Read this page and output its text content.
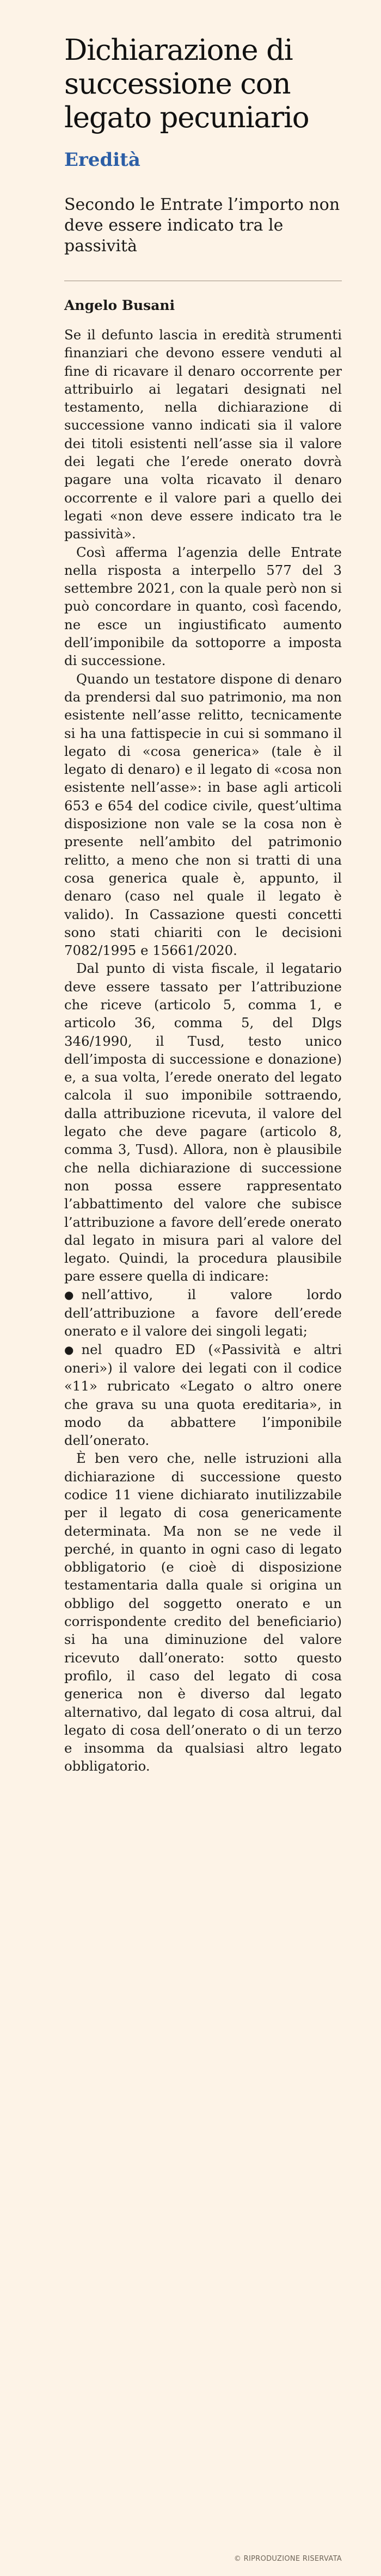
Dichiarazione di successione con legato pecuniario
Eredità
Secondo le Entrate l’importo non deve essere indicato tra le passività
Angelo Busani

Se il defunto lascia in eredità strumenti finanziari che devono essere venduti al fine di ricavare il denaro occorrente per attribuirlo ai legatari designati nel testamento, nella dichiarazione di successione vanno indicati sia il valore dei titoli esistenti nell’asse sia il valore dei legati che l’erede onerato dovrà pagare una volta ricavato il denaro occorrente e il valore pari a quello dei legati «non deve essere indicato tra le passività».

Così afferma l’agenzia delle Entrate nella risposta a interpello 577 del 3 settembre 2021, con la quale però non si può concordare in quanto, così facendo, ne esce un ingiustificato aumento dell’imponibile da sottoporre a imposta di successione.

Quando un testatore dispone di denaro da prendersi dal suo patrimonio, ma non esistente nell’asse relitto, tecnicamente si ha una fattispecie in cui si sommano il legato di «cosa generica» (tale è il legato di denaro) e il legato di «cosa non esistente nell’asse»: in base agli articoli 653 e 654 del codice civile, quest’ultima disposizione non vale se la cosa non è presente nell’ambito del patrimonio relitto, a meno che non si tratti di una cosa generica quale è, appunto, il denaro (caso nel quale il legato è valido). In Cassazione questi concetti sono stati chiariti con le decisioni 7082/1995 e 15661/2020.

Dal punto di vista fiscale, il legatario deve essere tassato per l’attribuzione che riceve (articolo 5, comma 1, e articolo 36, comma 5, del Dlgs 346/1990, il Tusd, testo unico dell’imposta di successione e donazione) e, a sua volta, l’erede onerato del legato calcola il suo imponibile sottraendo, dalla attribuzione ricevuta, il valore del legato che deve pagare (articolo 8, comma 3, Tusd). Allora, non è plausibile che nella dichiarazione di successione non possa essere rappresentato l’abbattimento del valore che subisce l’attribuzione a favore dell’erede onerato dal legato in misura pari al valore del legato. Quindi, la procedura plausibile pare essere quella di indicare:

● nell’attivo, il valore lordo dell’attribuzione a favore dell’erede onerato e il valore dei singoli legati;

● nel quadro ED («Passività e altri oneri») il valore dei legati con il codice «11» rubricato «Legato o altro onere che grava su una quota ereditaria», in modo da abbattere l’imponibile dell’onerato.

È ben vero che, nelle istruzioni alla dichiarazione di successione questo codice 11 viene dichiarato inutilizzabile per il legato di cosa genericamente determinata. Ma non se ne vede il perché, in quanto in ogni caso di legato obbligatorio (e cioè di disposizione testamentaria dalla quale si origina un obbligo del soggetto onerato e un corrispondente credito del beneficiario) si ha una diminuzione del valore ricevuto dall’onerato: sotto questo profilo, il caso del legato di cosa generica non è diverso dal legato alternativo, dal legato di cosa altrui, dal legato di cosa dell’onerato o di un terzo e insomma da qualsiasi altro legato obbligatorio.

© RIPRODUZIONE RISERVATA
